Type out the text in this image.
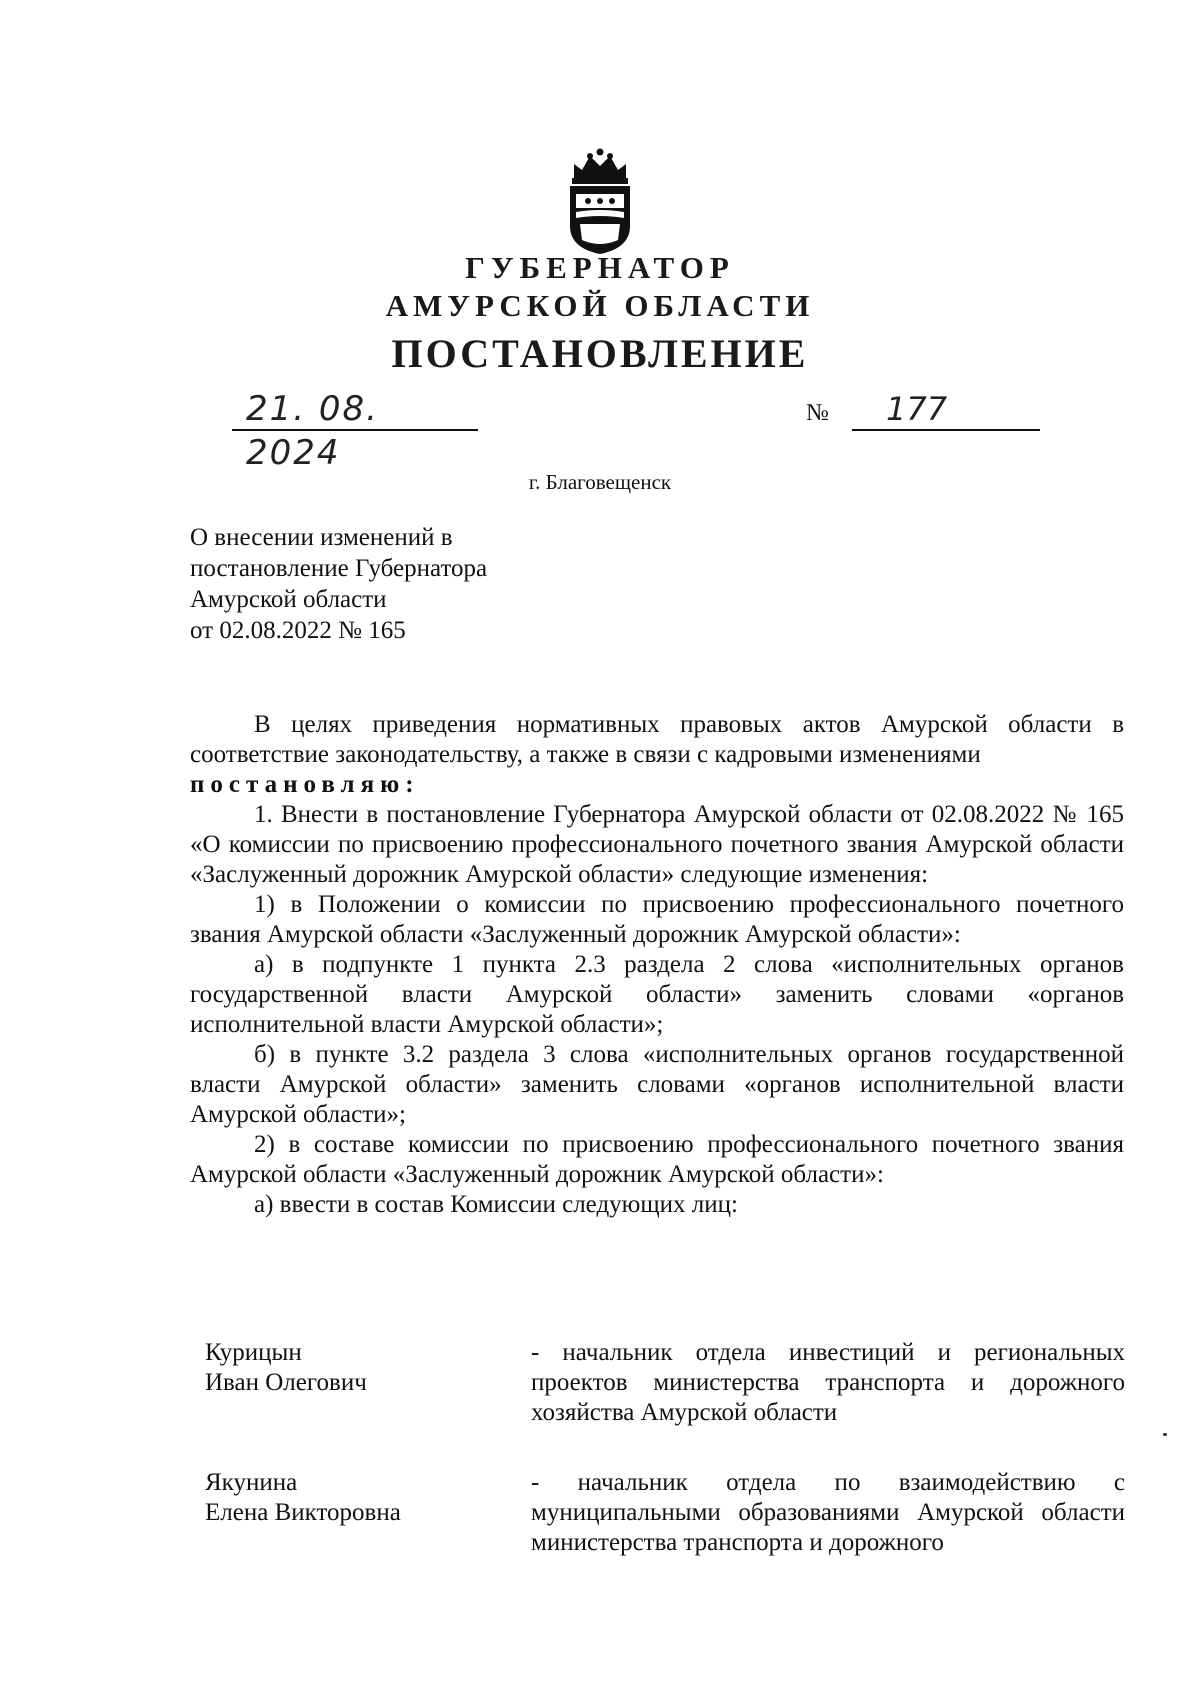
ГУБЕРНАТОР
АМУРСКОЙ ОБЛАСТИ
ПОСТАНОВЛЕНИЕ
21. 08. 2024
№	177
г. Благовещенск
О внесении изменений в
постановление Губернатора
Амурской области
от 02.08.2022 № 165

В целях приведения нормативных правовых актов Амурской области в соответствие законодательству, а также в связи с кадровыми изменениями

постановляю:

1. Внести в постановление Губернатора Амурской области от 02.08.2022 № 165 «О комиссии по присвоению профессионального почетного звания Амурской области «Заслуженный дорожник Амурской области» следующие изменения:

1) в Положении о комиссии по присвоению профессионального почетного звания Амурской области «Заслуженный дорожник Амурской области»:

а) в подпункте 1 пункта 2.3 раздела 2 слова «исполнительных органов государственной власти Амурской области» заменить словами «органов исполнительной власти Амурской области»;

б) в пункте 3.2 раздела 3 слова «исполнительных органов государственной власти Амурской области» заменить словами «органов исполнительной власти Амурской области»;

2) в составе комиссии по присвоению профессионального почетного звания Амурской области «Заслуженный дорожник Амурской области»:

а) ввести в состав Комиссии следующих лиц:

Курицын
Иван Олегович
- начальник отдела инвестиций и региональных проектов министерства транспорта и дорожного хозяйства Амурской области
Якунина
Елена Викторовна
- начальник отдела по взаимодействию с муниципальными образованиями Амурской области министерства транспорта и дорожного
